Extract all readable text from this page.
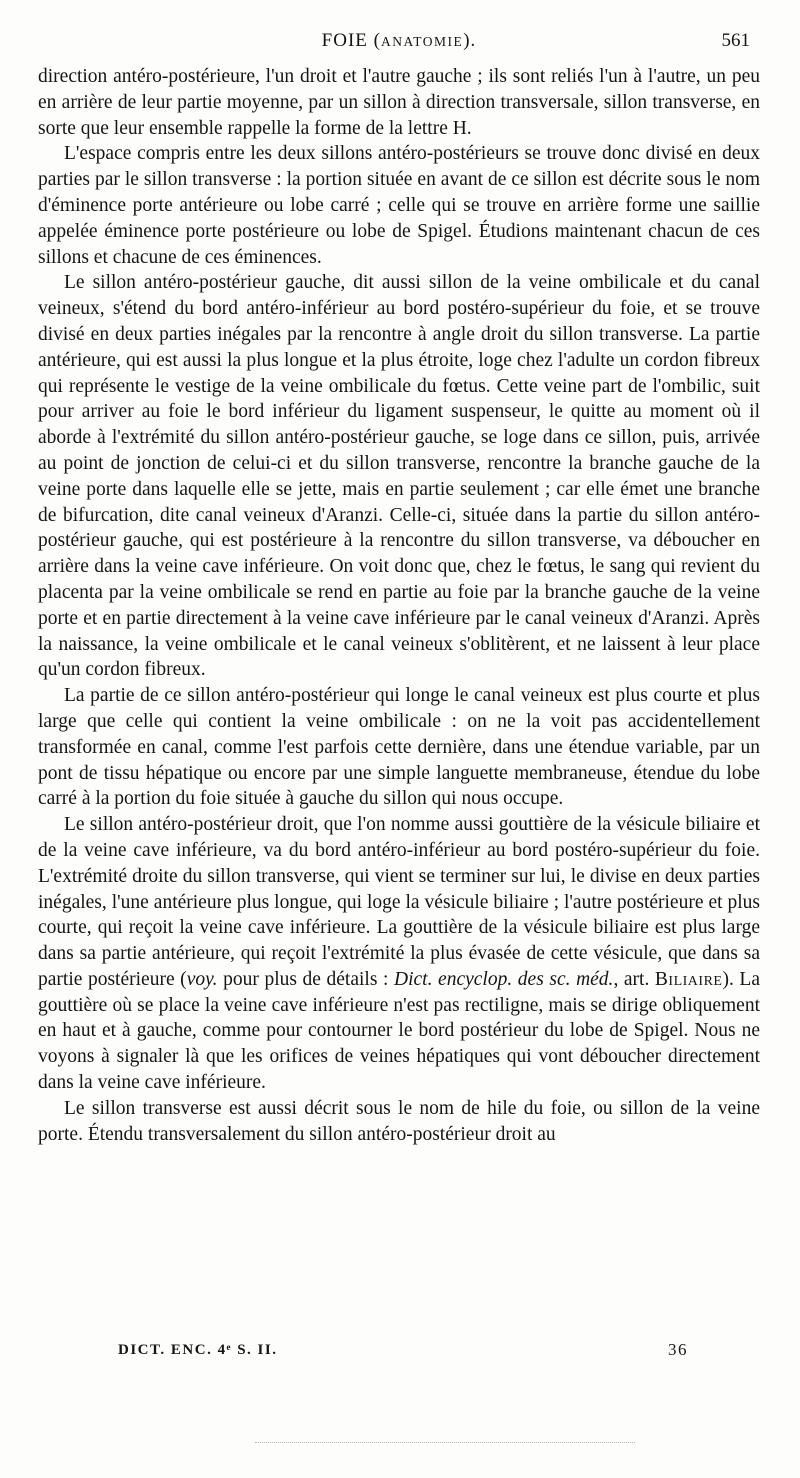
FOIE (ANATOMIE).	561

direction antéro-postérieure, l'un droit et l'autre gauche ; ils sont reliés l'un à l'autre, un peu en arrière de leur partie moyenne, par un sillon à direction transversale, sillon transverse, en sorte que leur ensemble rappelle la forme de la lettre H.

L'espace compris entre les deux sillons antéro-postérieurs se trouve donc divisé en deux parties par le sillon transverse : la portion située en avant de ce sillon est décrite sous le nom d'éminence porte antérieure ou lobe carré ; celle qui se trouve en arrière forme une saillie appelée éminence porte postérieure ou lobe de Spigel. Étudions maintenant chacun de ces sillons et chacune de ces éminences.

Le sillon antéro-postérieur gauche, dit aussi sillon de la veine ombilicale et du canal veineux, s'étend du bord antéro-inférieur au bord postéro-supérieur du foie, et se trouve divisé en deux parties inégales par la rencontre à angle droit du sillon transverse. La partie antérieure, qui est aussi la plus longue et la plus étroite, loge chez l'adulte un cordon fibreux qui représente le vestige de la veine ombilicale du fœtus. Cette veine part de l'ombilic, suit pour arriver au foie le bord inférieur du ligament suspenseur, le quitte au moment où il aborde à l'extrémité du sillon antéro-postérieur gauche, se loge dans ce sillon, puis, arrivée au point de jonction de celui-ci et du sillon transverse, rencontre la branche gauche de la veine porte dans laquelle elle se jette, mais en partie seulement ; car elle émet une branche de bifurcation, dite canal veineux d'Aranzi. Celle-ci, située dans la partie du sillon antéro-postérieur gauche, qui est postérieure à la rencontre du sillon transverse, va déboucher en arrière dans la veine cave inférieure. On voit donc que, chez le fœtus, le sang qui revient du placenta par la veine ombilicale se rend en partie au foie par la branche gauche de la veine porte et en partie directement à la veine cave inférieure par le canal veineux d'Aranzi. Après la naissance, la veine ombilicale et le canal veineux s'oblitèrent, et ne laissent à leur place qu'un cordon fibreux.

La partie de ce sillon antéro-postérieur qui longe le canal veineux est plus courte et plus large que celle qui contient la veine ombilicale : on ne la voit pas accidentellement transformée en canal, comme l'est parfois cette dernière, dans une étendue variable, par un pont de tissu hépatique ou encore par une simple languette membraneuse, étendue du lobe carré à la portion du foie située à gauche du sillon qui nous occupe.

Le sillon antéro-postérieur droit, que l'on nomme aussi gouttière de la vésicule biliaire et de la veine cave inférieure, va du bord antéro-inférieur au bord postéro-supérieur du foie. L'extrémité droite du sillon transverse, qui vient se terminer sur lui, le divise en deux parties inégales, l'une antérieure plus longue, qui loge la vésicule biliaire ; l'autre postérieure et plus courte, qui reçoit la veine cave inférieure. La gouttière de la vésicule biliaire est plus large dans sa partie antérieure, qui reçoit l'extrémité la plus évasée de cette vésicule, que dans sa partie postérieure (voy. pour plus de détails : Dict. encyclop. des sc. méd., art. Biliaire). La gouttière où se place la veine cave inférieure n'est pas rectiligne, mais se dirige obliquement en haut et à gauche, comme pour contourner le bord postérieur du lobe de Spigel. Nous ne voyons à signaler là que les orifices de veines hépatiques qui vont déboucher directement dans la veine cave inférieure.

Le sillon transverse est aussi décrit sous le nom de hile du foie, ou sillon de la veine porte. Étendu transversalement du sillon antéro-postérieur droit au

DICT. ENC. 4ᵉ S. II.	36
